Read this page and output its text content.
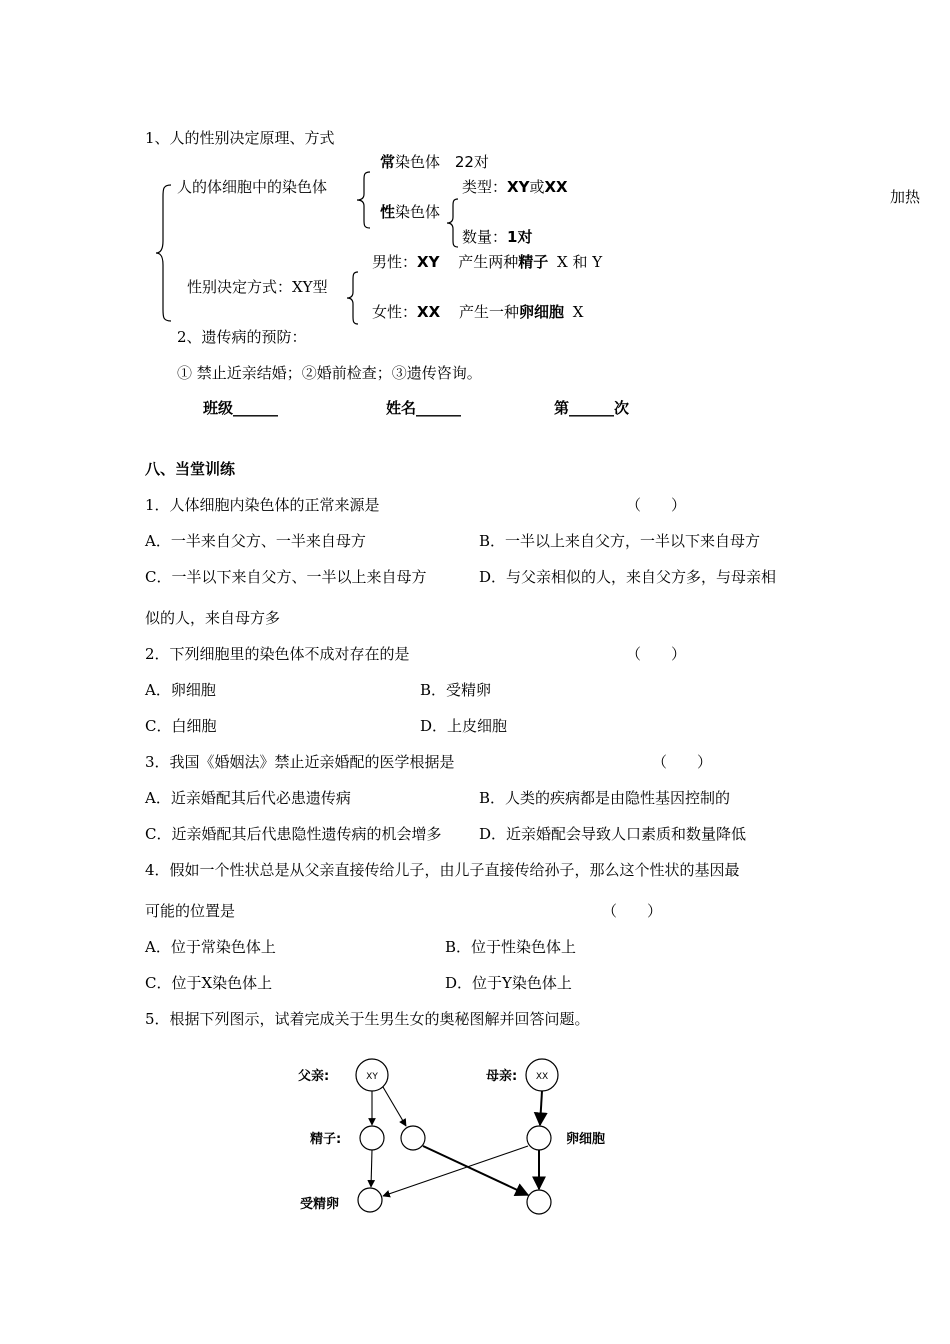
1、人的性别决定原理、方式
常染色体 22对
人的体细胞中的染色体	类型：XY或XX
加热
性染色体
数量：1对
男性：XY 产生两种精子 X 和 Y
性别决定方式：XY型
女性：XX 产生一种卵细胞 X
2、遗传病的预防：
① 禁止近亲结婚；②婚前检查；③遗传咨询。
班级______	姓名______	第______次
八、当堂训练
1．人体细胞内染色体的正常来源是	（　　）
A．一半来自父方、一半来自母方	B．一半以上来自父方，一半以下来自母方
C．一半以下来自父方、一半以上来自母方	D．与父亲相似的人，来自父方多，与母亲相
似的人，来自母方多
2．下列细胞里的染色体不成对存在的是	（　　）
A．卵细胞	B．受精卵
C．白细胞	D．上皮细胞
3．我国《婚姻法》禁止近亲婚配的医学根据是	（　　）
A．近亲婚配其后代必患遗传病	B．人类的疾病都是由隐性基因控制的
C．近亲婚配其后代患隐性遗传病的机会增多	D．近亲婚配会导致人口素质和数量降低
4．假如一个性状总是从父亲直接传给儿子，由儿子直接传给孙子，那么这个性状的基因最
可能的位置是	（　　）
A．位于常染色体上	B．位于性染色体上
C．位于X染色体上	D．位于Y染色体上
5．根据下列图示，试着完成关于生男生女的奥秘图解并回答问题。
父亲:	母亲:
精子:	卵细胞
受精卵
XY	XX
